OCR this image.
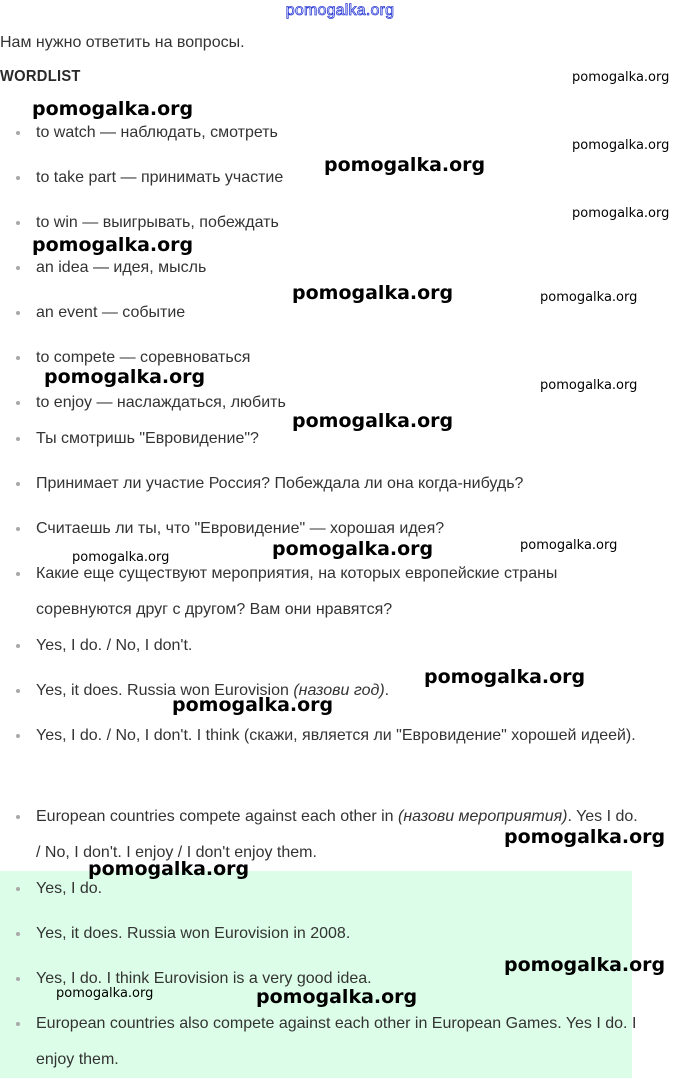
pomogalka.org
Нам нужно ответить на вопросы.
WORDLIST
to watch — наблюдать, смотреть
to take part — принимать участие
to win — выигрывать, побеждать
an idea — идея, мысль
an event — событие
to compete — соревноваться
to enjoy — наслаждаться, любить
Ты смотришь "Евровидение"?
Принимает ли участие Россия? Побеждала ли она когда-нибудь?
Считаешь ли ты, что "Евровидение" — хорошая идея?
Какие еще существуют мероприятия, на которых европейские страны соревнуются друг с другом? Вам они нравятся?
Yes, I do. / No, I don't.
Yes, it does. Russia won Eurovision (назови год).
Yes, I do. / No, I don't. I think (скажи, является ли "Евровидение" хорошей идеей).
European countries compete against each other in (назови мероприятия). Yes I do. / No, I don't. I enjoy / I don't enjoy them.
Yes, I do.
Yes, it does. Russia won Eurovision in 2008.
Yes, I do. I think Eurovision is a very good idea.
European countries also compete against each other in European Games. Yes I do. I enjoy them.
pomogalka.org
pomogalka.org
pomogalka.org
pomogalka.org
pomogalka.org
pomogalka.org
pomogalka.org	pomogalka.org
pomogalka.org	pomogalka.org
pomogalka.org
pomogalka.org
pomogalka.org
pomogalka.org
pomogalka.org
pomogalka.org
pomogalka.org
pomogalka.org
pomogalka.org
pomogalka.org	pomogalka.org
